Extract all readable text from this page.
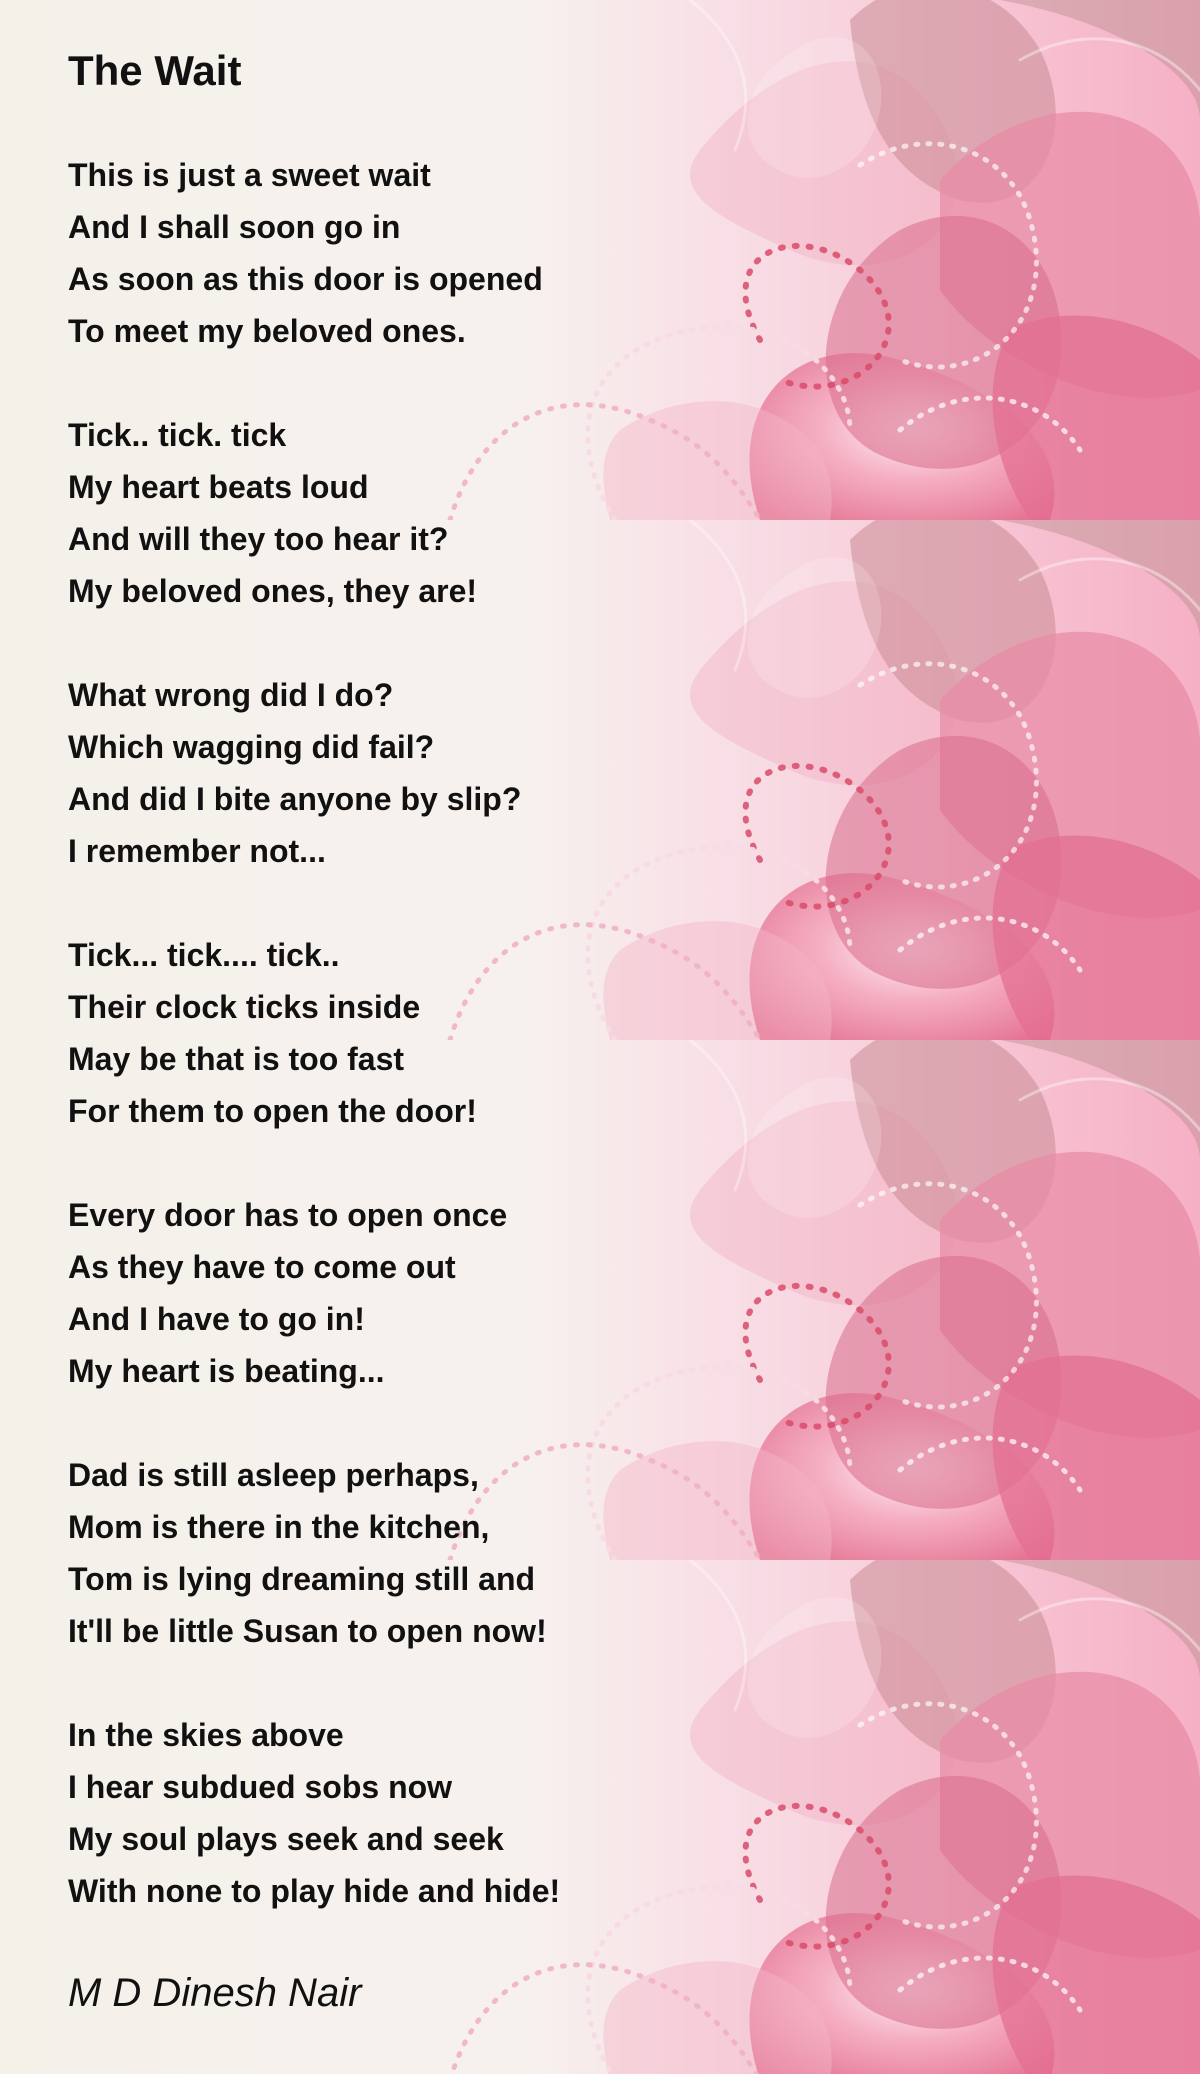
The Wait
This is just a sweet wait
And I shall soon go in
As soon as this door is opened
To meet my beloved ones.
Tick.. tick. tick
My heart beats loud
And will they too hear it?
My beloved ones, they are!
What wrong did I do?
Which wagging did fail?
And did I bite anyone by slip?
I remember not...
Tick... tick.... tick..
Their clock ticks inside
May be that is too fast
For them to open the door!
Every door has to open once
As they have to come out
And I have to go in!
My heart is beating...
Dad is still asleep perhaps,
Mom is there in the kitchen,
Tom is lying dreaming still and
It'll be little Susan to open now!
In the skies above
I hear subdued sobs now
My soul plays seek and seek
With none to play hide and hide!
M D Dinesh Nair
